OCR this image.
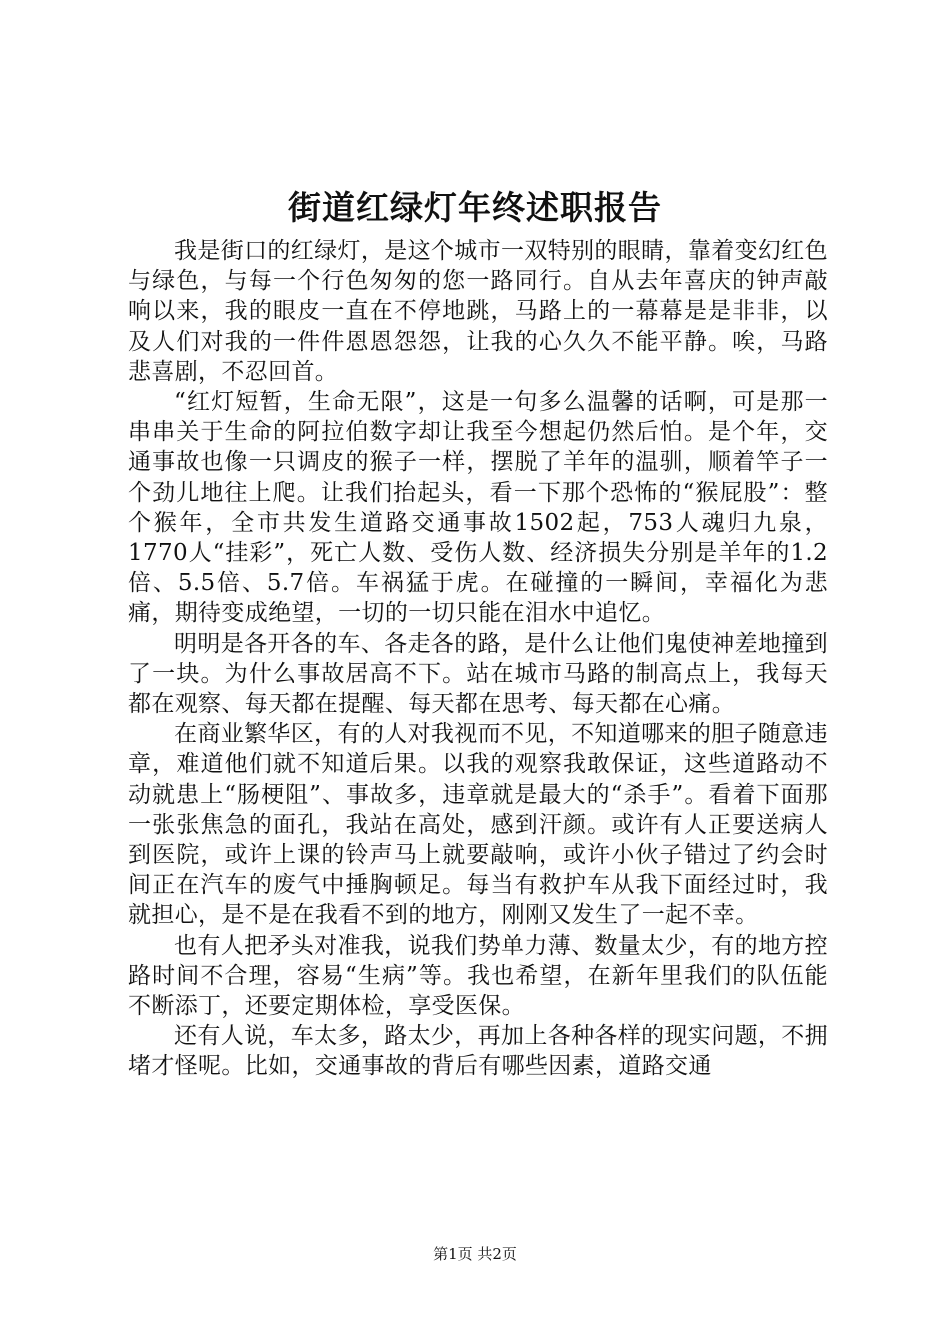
街道红绿灯年终述职报告

我是街口的红绿灯，是这个城市一双特别的眼睛，靠着变幻红色与绿色，与每一个行色匆匆的您一路同行。自从去年喜庆的钟声敲响以来，我的眼皮一直在不停地跳，马路上的一幕幕是是非非，以及人们对我的一件件恩恩怨怨，让我的心久久不能平静。唉，马路悲喜剧，不忍回首。

“红灯短暂，生命无限”，这是一句多么温馨的话啊，可是那一串串关于生命的阿拉伯数字却让我至今想起仍然后怕。是个年，交通事故也像一只调皮的猴子一样，摆脱了羊年的温驯，顺着竿子一个劲儿地往上爬。让我们抬起头，看一下那个恐怖的“猴屁股”：整个猴年，全市共发生道路交通事故1502起，753人魂归九泉，1770人“挂彩”，死亡人数、受伤人数、经济损失分别是羊年的1.2倍、5.5倍、5.7倍。车祸猛于虎。在碰撞的一瞬间，幸福化为悲痛，期待变成绝望，一切的一切只能在泪水中追忆。

明明是各开各的车、各走各的路，是什么让他们鬼使神差地撞到了一块。为什么事故居高不下。站在城市马路的制高点上，我每天都在观察、每天都在提醒、每天都在思考、每天都在心痛。

在商业繁华区，有的人对我视而不见，不知道哪来的胆子随意违章，难道他们就不知道后果。以我的观察我敢保证，这些道路动不动就患上“肠梗阻”、事故多，违章就是最大的“杀手”。看着下面那一张张焦急的面孔，我站在高处，感到汗颜。或许有人正要送病人到医院，或许上课的铃声马上就要敲响，或许小伙子错过了约会时间正在汽车的废气中捶胸顿足。每当有救护车从我下面经过时，我就担心，是不是在我看不到的地方，刚刚又发生了一起不幸。

也有人把矛头对准我，说我们势单力薄、数量太少，有的地方控路时间不合理，容易“生病”等。我也希望，在新年里我们的队伍能不断添丁，还要定期体检，享受医保。

还有人说，车太多，路太少，再加上各种各样的现实问题，不拥堵才怪呢。比如，交通事故的背后有哪些因素，道路交通

第1页 共2页
